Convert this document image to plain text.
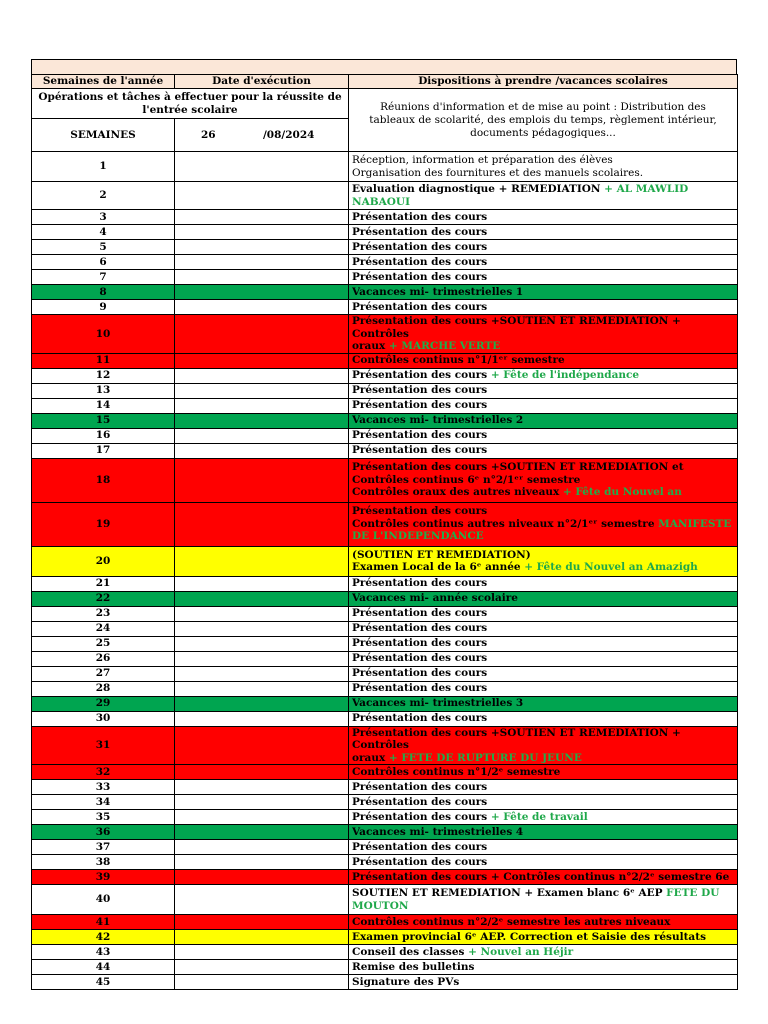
Semaines de l'année	Date d'exécution	Dispositions à prendre /vacances scolaires
Opérations et tâches à effectuer pour la réussite de l'entrée scolaire		Réunions d'information et de mise au point : Distribution des tableaux de scolarité, des emplois du temps, règlement intérieur, documents pédagogiques...
SEMAINES	26 /08/2024	
1		Réception, information et préparation des élèves
Organisation des fournitures et des manuels scolaires.

2		Evaluation diagnostique + REMEDIATION + AL MAWLID
NABAOUI

3		Présentation des cours

4		Présentation des cours

5		Présentation des cours

6		Présentation des cours

7		Présentation des cours

8		Vacances mi- trimestrielles 1

9		Présentation des cours

10		Présentation des cours +SOUTIEN ET REMEDIATION + Contrôles
oraux + MARCHE VERTE

11		Contrôles continus n°1/1ᵉʳ semestre

12		Présentation des cours + Fête de l'indépendance

13		Présentation des cours

14		Présentation des cours

15		Vacances mi- trimestrielles 2

16		Présentation des cours

17		Présentation des cours

18		Présentation des cours +SOUTIEN ET REMEDIATION et
Contrôles continus 6ᵉ n°2/1ᵉʳ semestre
Contrôles oraux des autres niveaux + Fête du Nouvel an

19		Présentation des cours
Contrôles continus autres niveaux n°2/1ᵉʳ semestre MANIFESTE
DE L'INDEPENDANCE

20		(SOUTIEN ET REMEDIATION)
Examen Local de la 6ᵉ année + Fête du Nouvel an Amazigh

21		Présentation des cours

22		Vacances mi- année scolaire

23		Présentation des cours

24		Présentation des cours

25		Présentation des cours

26		Présentation des cours

27		Présentation des cours

28		Présentation des cours

29		Vacances mi- trimestrielles 3

30		Présentation des cours

31		Présentation des cours +SOUTIEN ET REMEDIATION + Contrôles
oraux + FETE DE RUPTURE DU JEUNE

32		Contrôles continus n°1/2ᵉ semestre

33		Présentation des cours

34		Présentation des cours

35		Présentation des cours + Fête de travail

36		Vacances mi- trimestrielles 4

37		Présentation des cours

38		Présentation des cours

39		Présentation des cours + Contrôles continus n°2/2ᵉ semestre 6e

40		SOUTIEN ET REMEDIATION + Examen blanc 6ᵉ AEP FETE DU
MOUTON

41		Contrôles continus n°2/2ᵉ semestre les autres niveaux

42		Examen provincial 6ᵉ AEP. Correction et Saisie des résultats

43		Conseil des classes + Nouvel an Héjir

44		Remise des bulletins

45		Signature des PVs
